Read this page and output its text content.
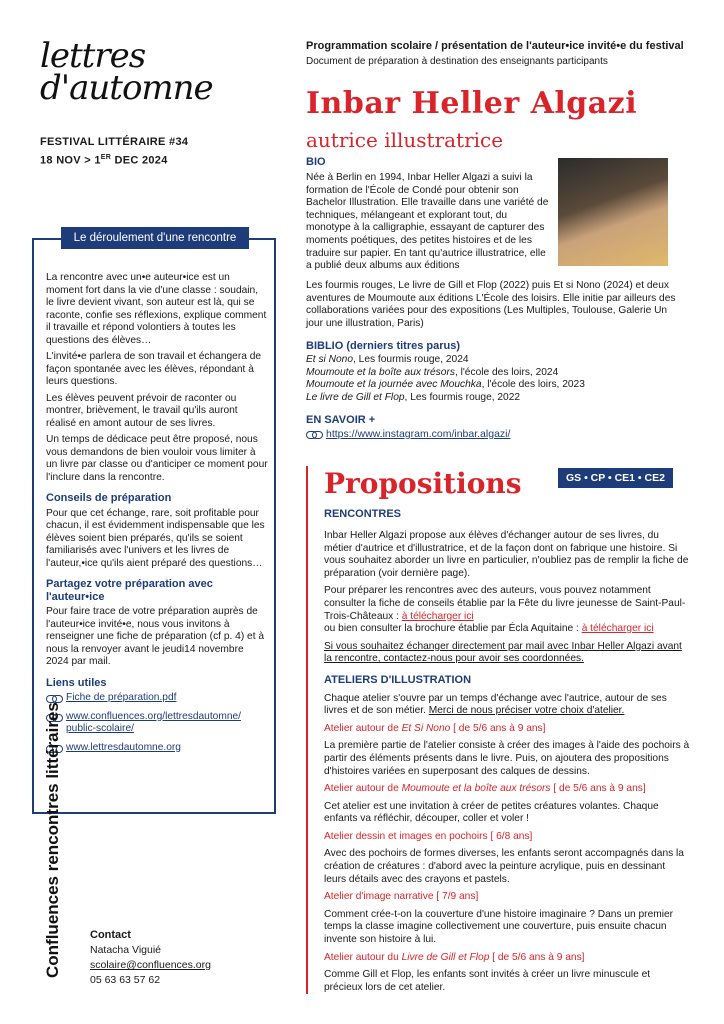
lettres
d'automne
FESTIVAL LITTÉRAIRE #34
18 NOV > 1ER DEC 2024
Le déroulement d'une rencontre

La rencontre avec un•e auteur•ice est un moment fort dans la vie d'une classe : soudain, le livre devient vivant, son auteur est là, qui se raconte, confie ses réflexions, explique comment il travaille et répond volontiers à toutes les questions des élèves…

L'invité•e parlera de son travail et échangera de façon spontanée avec les élèves, répondant à leurs questions.

Les élèves peuvent prévoir de raconter ou montrer, brièvement, le travail qu'ils auront réalisé en amont autour de ses livres.

Un temps de dédicace peut être proposé, nous vous demandons de bien vouloir vous limiter à un livre par classe ou d'anticiper ce moment pour l'inclure dans la rencontre.

Conseils de préparation

Pour que cet échange, rare, soit profitable pour chacun, il est évidemment indispensable que les élèves soient bien préparés, qu'ils se soient familiarisés avec l'univers et les livres de l'auteur,•ice qu'ils aient préparé des questions…

Partagez votre préparation avec l'auteur•ice

Pour faire trace de votre préparation auprès de l'auteur•ice invité•e, nous vous invitons à renseigner une fiche de préparation (cf p. 4) et à nous la renvoyer avant le jeudi14 novembre 2024 par mail.

Liens utiles
Fiche de préparation.pdf
www.confluences.org/lettresdautomne/ public-scolaire/
www.lettresdautomne.org
Confluences rencontres littéraires	Contact
Natacha Viguié
scolaire@confluences.org
05 63 63 57 62
Programmation scolaire / présentation de l'auteur•ice invité•e du festival
Document de préparation à destination des enseignants participants
Inbar Heller Algazi
autrice illustratrice
BIO
Née à Berlin en 1994, Inbar Heller Algazi a suivi la formation de l'École de Condé pour obtenir son Bachelor Illustration. Elle travaille dans une variété de techniques, mélangeant et explorant tout, du monotype à la calligraphie, essayant de capturer des moments poétiques, des petites histoires et de les traduire sur papier. En tant qu'autrice illustratrice, elle a publié deux albums aux éditions
Les fourmis rouges, Le livre de Gill et Flop (2022) puis Et si Nono (2024) et deux aventures de Moumoute aux éditions L'École des loisirs. Elle initie par ailleurs des collaborations variées pour des expositions (Les Multiples, Toulouse, Galerie Un jour une illustration, Paris)
BIBLIO (derniers titres parus)
Et si Nono, Les fourmis rouge, 2024
Moumoute et la boîte aux trésors, l'école des loirs, 2024
Moumoute et la journée avec Mouchka, l'école des loirs, 2023
Le livre de Gill et Flop, Les fourmis rouge, 2022
EN SAVOIR +
https://www.instagram.com/inbar.algazi/
Propositions	GS • CP • CE1 • CE2
RENCONTRES

Inbar Heller Algazi propose aux élèves d'échanger autour de ses livres, du métier d'autrice et d'illustratrice, et de la façon dont on fabrique une histoire. Si vous souhaitez aborder un livre en particulier, n'oubliez pas de remplir la fiche de préparation (voir dernière page).

Pour préparer les rencontres avec des auteurs, vous pouvez notamment consulter la fiche de conseils établie par la Fête du livre jeunesse de Saint-Paul-Trois-Châteaux : à télécharger ici
ou bien consulter la brochure établie par Écla Aquitaine : à télécharger ici

Si vous souhaitez échanger directement par mail avec Inbar Heller Algazi avant la rencontre, contactez-nous pour avoir ses coordonnées.

ATELIERS D'ILLUSTRATION

Chaque atelier s'ouvre par un temps d'échange avec l'autrice, autour de ses livres et de son métier. Merci de nous préciser votre choix d'atelier.

Atelier autour de Et Si Nono [ de 5/6 ans à 9 ans]

La première partie de l'atelier consiste à créer des images à l'aide des pochoirs à partir des éléments présents dans le livre. Puis, on ajoutera des propositions d'histoires variées en superposant des calques de dessins.

Atelier autour de Moumoute et la boîte aux trésors [ de 5/6 ans à 9 ans]

Cet atelier est une invitation à créer de petites créatures volantes. Chaque enfants va réfléchir, découper, coller et voler !

Atelier dessin et images en pochoirs [ 6/8 ans]

Avec des pochoirs de formes diverses, les enfants seront accompagnés dans la création de créatures : d'abord avec la peinture acrylique, puis en dessinant leurs détails avec des crayons et pastels.

Atelier d'image narrative [ 7/9 ans]

Comment crée-t-on la couverture d'une histoire imaginaire ? Dans un premier temps la classe imagine collectivement une couverture, puis ensuite chacun invente son histoire à lui.

Atelier autour du Livre de Gill et Flop [ de 5/6 ans à 9 ans]

Comme Gill et Flop, les enfants sont invités à créer un livre minuscule et précieux lors de cet atelier.
